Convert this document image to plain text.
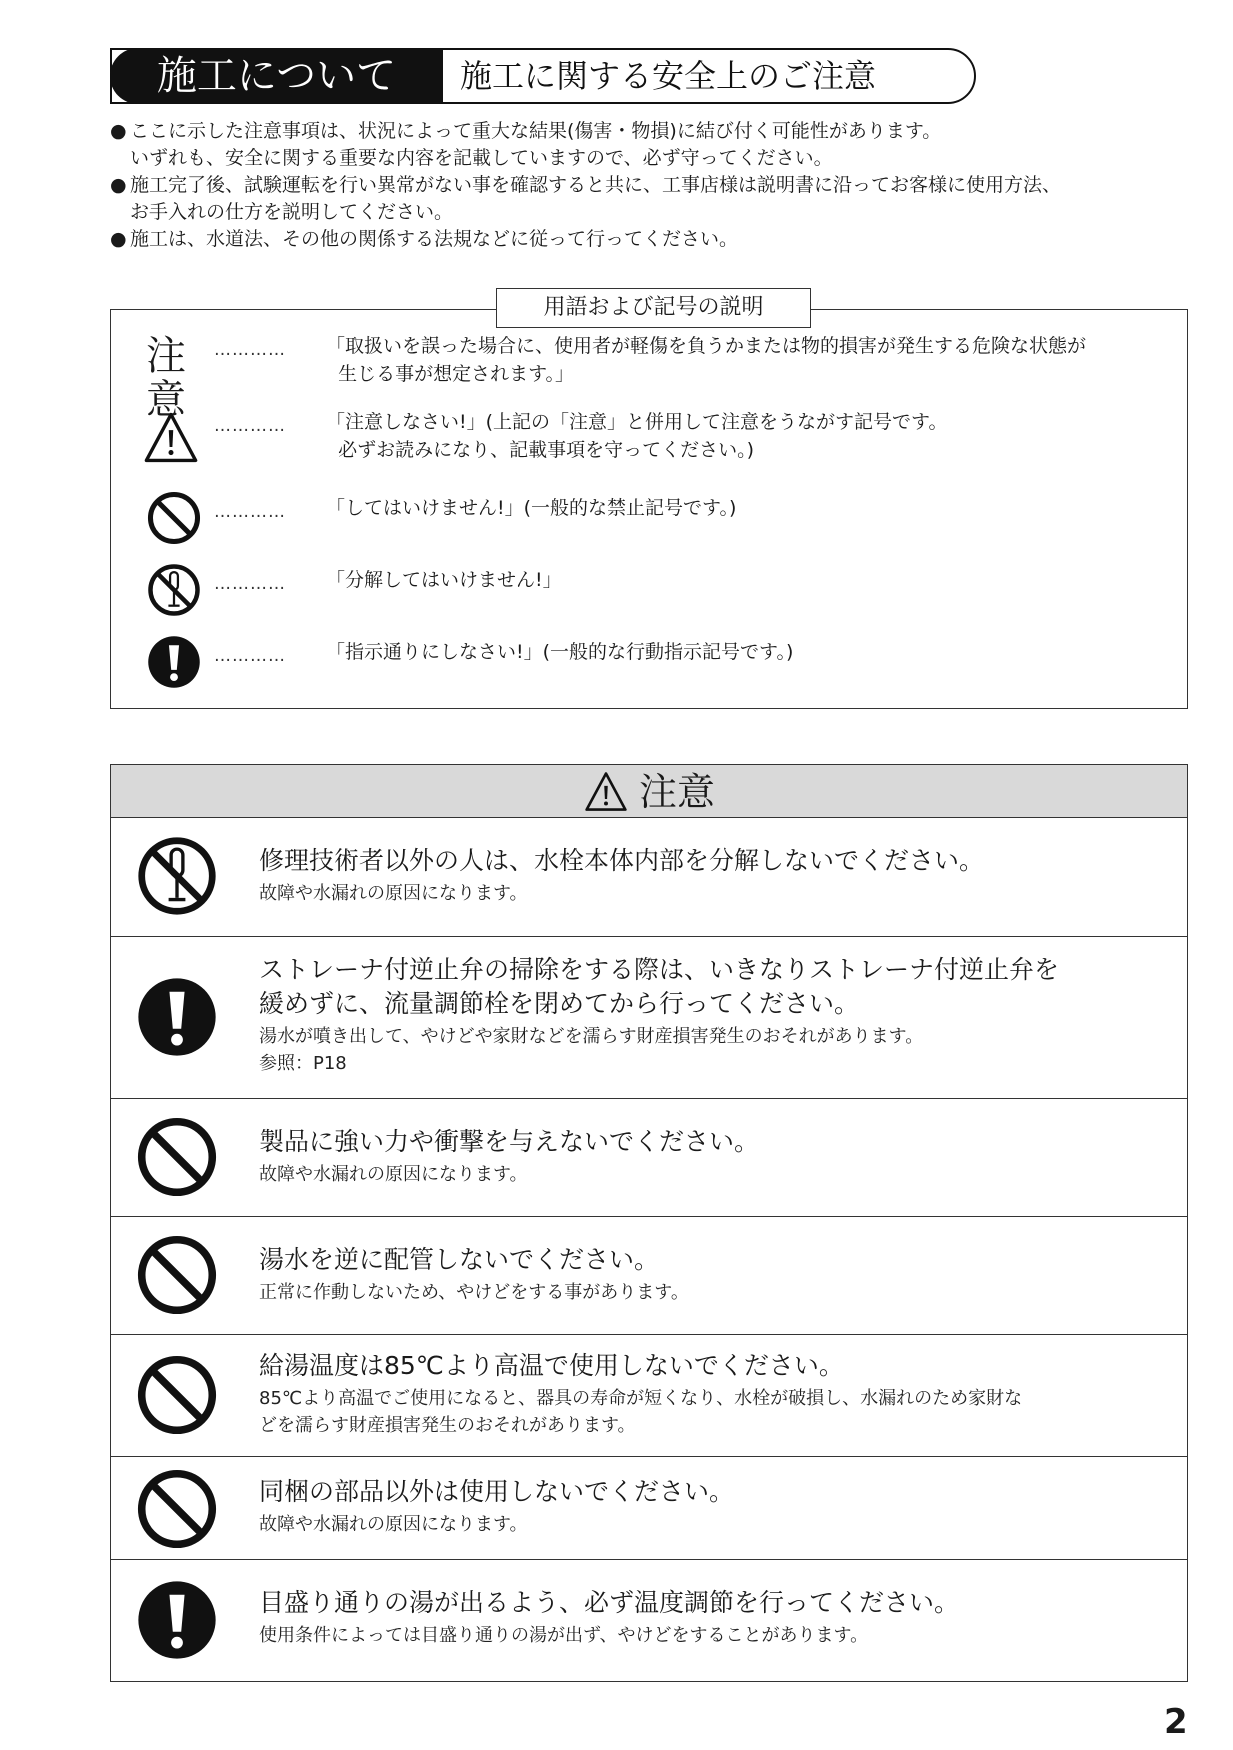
施工について	施工に関する安全上のご注意
● ここに示した注意事項は、状況によって重大な結果(傷害・物損)に結び付く可能性があります。
いずれも、安全に関する重要な内容を記載していますので、必ず守ってください。
● 施工完了後、試験運転を行い異常がない事を確認すると共に、工事店様は説明書に沿ってお客様に使用方法、
お手入れの仕方を説明してください。
● 施工は、水道法、その他の関係する法規などに従って行ってください。
用語および記号の説明
注意
………… 「取扱いを誤った場合に、使用者が軽傷を負うかまたは物的損害が発生する危険な状態が
生じる事が想定されます。」
………… 「注意しなさい!」(上記の「注意」と併用して注意をうながす記号です。
必ずお読みになり、記載事項を守ってください。)
………… 「してはいけません!」(一般的な禁止記号です。)
………… 「分解してはいけません!」
………… 「指示通りにしなさい!」(一般的な行動指示記号です。)
注意
修理技術者以外の人は、水栓本体内部を分解しないでください。
故障や水漏れの原因になります。
ストレーナ付逆止弁の掃除をする際は、いきなりストレーナ付逆止弁を
緩めずに、流量調節栓を閉めてから行ってください。
湯水が噴き出して、やけどや家財などを濡らす財産損害発生のおそれがあります。
参照：P18
製品に強い力や衝撃を与えないでください。
故障や水漏れの原因になります。
湯水を逆に配管しないでください。
正常に作動しないため、やけどをする事があります。
給湯温度は85℃より高温で使用しないでください。
85℃より高温でご使用になると、器具の寿命が短くなり、水栓が破損し、水漏れのため家財な
どを濡らす財産損害発生のおそれがあります。
同梱の部品以外は使用しないでください。
故障や水漏れの原因になります。
目盛り通りの湯が出るよう、必ず温度調節を行ってください。
使用条件によっては目盛り通りの湯が出ず、やけどをすることがあります。
2
